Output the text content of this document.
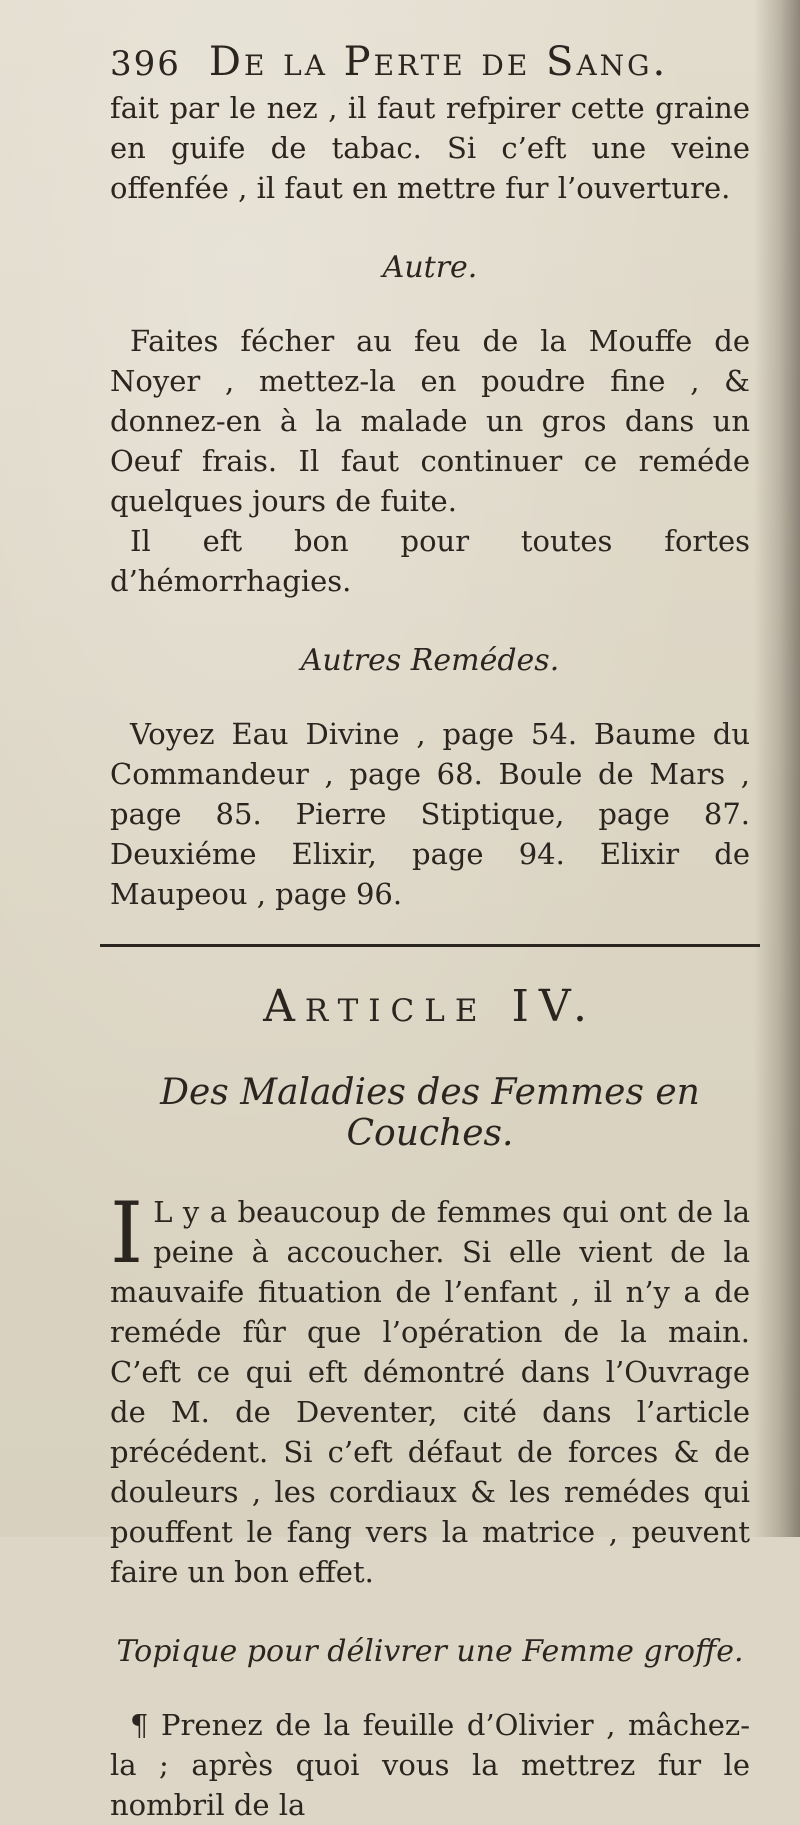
396 De la Perte de Sang.

fait par le nez , il faut refpirer cette graine en guife de tabac. Si c’eft une veine offenfée , il faut en mettre fur l’ouverture.

Autre.

Faites fécher au feu de la Mouffe de Noyer , mettez-la en poudre fine , & donnez-en à la malade un gros dans un Oeuf frais. Il faut continuer ce reméde quelques jours de fuite.

Il eft bon pour toutes fortes d’hémorrhagies.

Autres Remédes.

Voyez Eau Divine , page 54. Baume du Commandeur , page 68. Boule de Mars , page 85. Pierre Stiptique, page 87. Deuxiéme Elixir, page 94. Elixir de Maupeou , page 96.

Article IV.
Des Maladies des Femmes en Couches.

I L y a beaucoup de femmes qui ont de la peine à accoucher. Si elle vient de la mauvaife fituation de l’enfant , il n’y a de reméde fûr que l’opération de la main. C’eft ce qui eft démontré dans l’Ouvrage de M. de Deventer, cité dans l’article précédent. Si c’eft défaut de forces & de douleurs , les cordiaux & les remédes qui pouffent le fang vers la matrice , peuvent faire un bon effet.

Topique pour délivrer une Femme groffe.

¶ Prenez de la feuille d’Olivier , mâchez-la ; après quoi vous la mettrez fur le nombril de la
